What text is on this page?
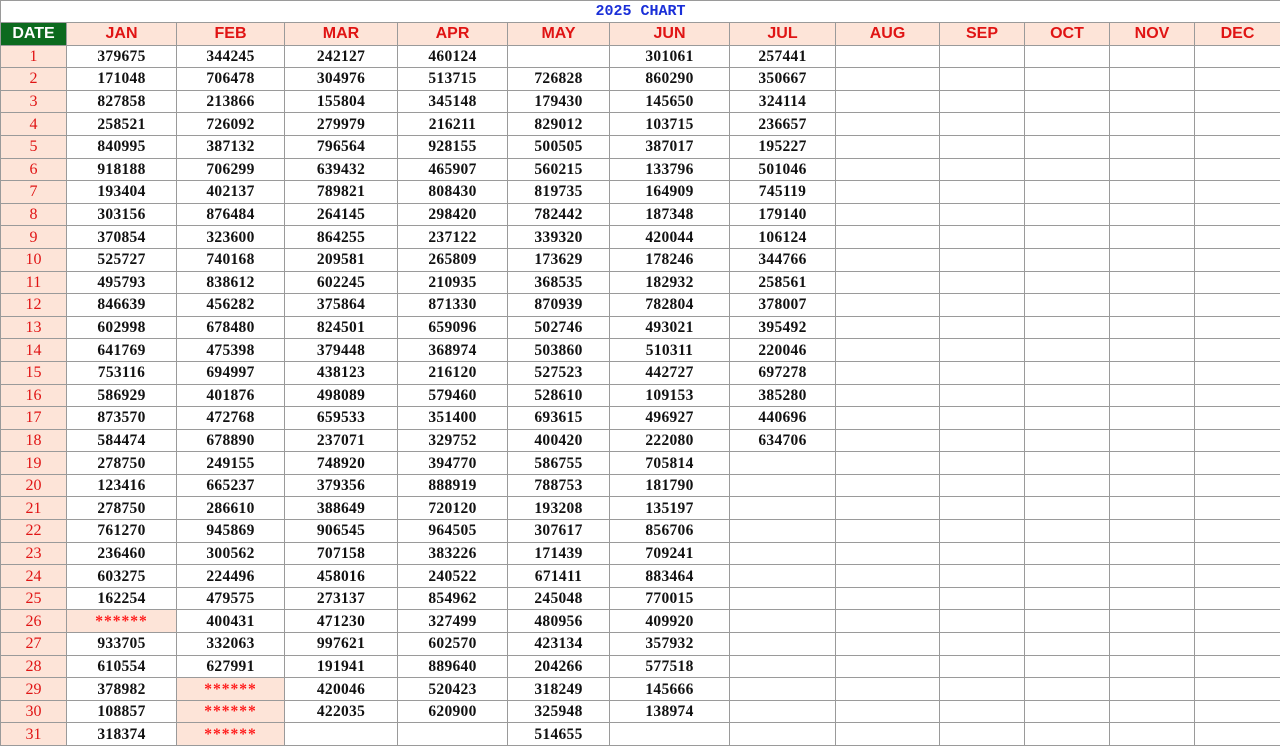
2025 CHART												
DATE	JAN	FEB	MAR	APR	MAY	JUN	JUL	AUG	SEP	OCT	NOV	DEC
1	379675	344245	242127	460124		301061	257441					
2	171048	706478	304976	513715	726828	860290	350667					
3	827858	213866	155804	345148	179430	145650	324114					
4	258521	726092	279979	216211	829012	103715	236657					
5	840995	387132	796564	928155	500505	387017	195227					
6	918188	706299	639432	465907	560215	133796	501046					
7	193404	402137	789821	808430	819735	164909	745119					
8	303156	876484	264145	298420	782442	187348	179140					
9	370854	323600	864255	237122	339320	420044	106124					
10	525727	740168	209581	265809	173629	178246	344766					
11	495793	838612	602245	210935	368535	182932	258561					
12	846639	456282	375864	871330	870939	782804	378007					
13	602998	678480	824501	659096	502746	493021	395492					
14	641769	475398	379448	368974	503860	510311	220046					
15	753116	694997	438123	216120	527523	442727	697278					
16	586929	401876	498089	579460	528610	109153	385280					
17	873570	472768	659533	351400	693615	496927	440696					
18	584474	678890	237071	329752	400420	222080	634706					
19	278750	249155	748920	394770	586755	705814						
20	123416	665237	379356	888919	788753	181790						
21	278750	286610	388649	720120	193208	135197						
22	761270	945869	906545	964505	307617	856706						
23	236460	300562	707158	383226	171439	709241						
24	603275	224496	458016	240522	671411	883464						
25	162254	479575	273137	854962	245048	770015						
26	******	400431	471230	327499	480956	409920						
27	933705	332063	997621	602570	423134	357932						
28	610554	627991	191941	889640	204266	577518						
29	378982	******	420046	520423	318249	145666						
30	108857	******	422035	620900	325948	138974						
31	318374	******			514655							
